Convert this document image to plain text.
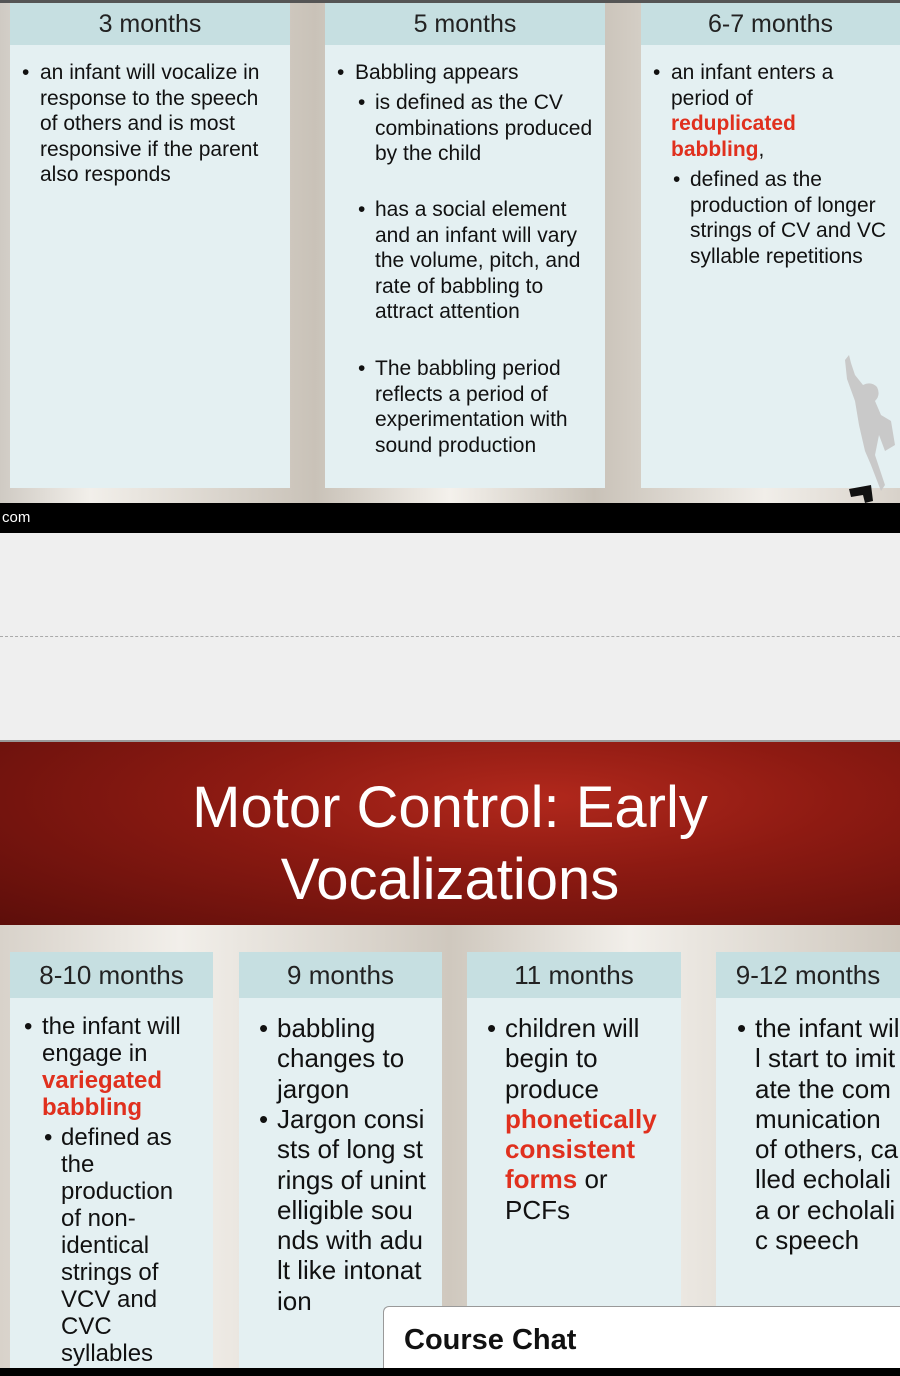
3 months
• an infant will vocalize in response to the speech of others and is most responsive if the parent also responds
5 months
• Babbling appears
• is defined as the CV combinations produced by the child
• has a social element and an infant will vary the volume, pitch, and rate of babbling to attract attention
• The babbling period reflects a period of experimentation with sound production
6-7 months
• an infant enters a period of reduplicated babbling,
• defined as the production of longer strings of CV and VC syllable repetitions
com
Motor Control: Early
Vocalizations
8-10 months
• the infant will engage in variegated babbling
• defined as the production of non-identical strings of VCV and CVC syllables
9 months
• babbling changes to jargon
• Jargon consists of long strings of unintelligible sounds with adult like intonation
11 months
• children will begin to produce phonetically consistent forms or PCFs
9-12 months
• the infant will start to imitate the communication of others, called echolalia or echolalic speech
Course Chat
